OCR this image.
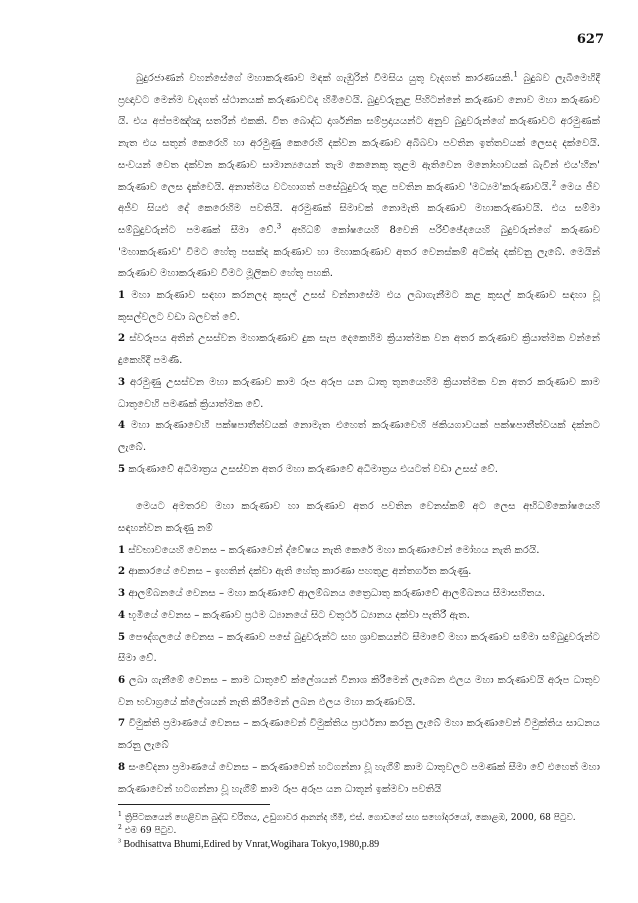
627

බුදුරජාණන් වහන්සේගේ මහාකරුණාව මඳක් ගැඹුරින් විමසිය යුතු වැදගත් කාරණයකි.$^1$ බුදුබව ලැබීමෙහිදී ප්‍රඥාවට මෙන්ම වැදගත් ස්ථානයක් කරුණාවටද හිමිවෙයි. බුදුවරුනුළ පිහිටන්නේ කරුණාව නොව මහා කරුණාව යි. එය අප්පමඤ්ඤා සතරින් එකකි. විත බොද්ධ දාර්ශනික සම්ප්‍රදායයන්ට අනුව බුදුවරුන්ගේ කරුණාවට අරමුණක් නැත එය සතුන් කෙරෙහි හා අරමුණු කෙරෙහි දක්වන කරුණාව අබිබවා පවතින ඉත්තවයක් ලෙසද දක්වෙයි. සංවයන් වෙත දක්වන කරුණාව සාමාන්‍යයෙන් තැම කෙනෙකු තුළම ඇතිවෙන මනෝභාවයක් බැවින් එය'හීන' කරුණාව ලෙස දැක්වෙයි. අනාත්මය වටහාගත් පසේබුදුවරු තුළ පවතින කරුණාව 'මධ්‍යම'කරුණාවයි.$^2$ මෙය ජීව අජීව සියළු දේ කෙරෙහිම පවතියි. අරමුණක් සිමාවක් නොමැති කරුණාව මහාකරුණාවයි. එය සම්මා සම්බුදුවරුන්ට පමණක් සීමා වේ.$^3$ අභිධම් කෝෂයෙහි 8වෙනි පරිච්ඡේදයෙහි බුදුවරුන්ගේ කරුණාව 'මහාකරුණාව' විමට හේතු පසක්ද කරුණාව හා මහාකරුණාව අතර වෙනස්කම් අටක්ද දක්වනු ලැබේ. මෙයින් කරුණාව මහාකරුණාව වීමට මූලිකව හේතු පහකි.

1 මහා කරුණාව සඳහා කරනලද කුසල් උසස් වන්නාසේම එය ලබාගැනීමට කළ කුසල් කරුණාව සඳහා වූ කුසල්වලට වඩා බලවත් වේ.

2 ස්වරූපය අතින් උසස්වන මහාකරුණාව දුක සැප දෙකෙහිම ක්‍රියාත්මක වන අතර කරුණාව ක්‍රියාත්මක වන්නේ දුකෙහිදී පමණි.

3 අරමුණු උසස්වන මහා කරුණාව කාම රූප අරූප යන ධාතු තුනයෙහිම ක්‍රියාත්මක වන අතර කරුණාව කාම ධාතුවෙහි පමණක් ක්‍රියාත්මක වේ.

4 මහා කරුණාවෙහි පක්ෂපාතීත්වයක් නොමැත එහෙත් කරුණාවෙහි ඡකියගාවයක් පක්ෂපාතීත්වයක් දක්නට ලැබේ.

5 කරුණාවේ අධිමාත්‍රය උසස්වන අතර මහා කරුණාවේ අධිමාත්‍රය එයටත් වඩා උසස් වේ.

මෙයට අමතරව මහා කරුණාව හා කරුණාව අතර පවතින වෙනස්කම් අට ලෙස අභිධම්කෝෂයෙහි සඳහන්වන කරුණු නම්

1 ස්වභාවයෙහි වෙනස – කරුණාවෙන් ද්වේෂය නැති කෙරේ මහා කරුණාවෙන් මෝහය නැති කරයි.

2 ආකාරයේ වෙනස – ඉහතින් දක්වා ඇති හේතු කාරණා පහතුළ අන්තර්ගත කරුණු.

3 ආලම්බනයේ වෙනස – මහා කරුණාවේ ආලම්බනය ත්‍රෛධාතු කරුණාවේ ආලම්බනය සීමාසහිතය.

4 භූමියේ වෙනස – කරුණාව ප්‍රථම ධ්‍යානයේ සිට චතුර්ථ ධ්‍යානය දක්වා පැතිරී ඇත.

5 පෞද්ගලයේ වෙනස – කරුණාව පසේ බුදුවරුන්ට සහ ශ්‍රාවකයන්ට සීමාවේ මහා කරුණාව සම්මා සම්බුදුවරුන්ට සීමා වේ.

6 ලබා ගැනීමේ වෙනස – කාම ධාතුවේ ක්ලේශයන් විනාශ කිරීමෙන් ලැබෙන ඵලය මහා කරුණාවයි අරූප ධාතුව වන භවාග්‍රයේ ක්ලේශයන් නැති කිරීමෙන් ලබන ඵලය මහා කරුණාවයි.

7 විමුක්ති ප්‍රමාණයේ වෙනස – කරුණාවෙන් විමුක්තිය ප්‍රාර්ථනා කරනු ලැබේ මහා කරුණාවෙන් විමුක්තිය සාධනය කරනු ලැබේ

8 සංවේදනා ප්‍රමාණයේ වෙනස – කරුණාවෙන් හටගන්නා වූ හැගීම් කාම ධාතුවලට පමණක් සීමා වේ එහෙත් මහා කරුණාවෙන් හටගන්නා වූ හැගීම් කාම රූප අරූප යන ධාතූන් ඉක්මවා පවතියි

$^1$ ත්‍රිපිටකයෙන් හෙළිවන බුද්ධ චරිතය, උඩුගාවර ආනන්ද හිමි, එස්. ගොඩගේ සහ සහෝදරයෝ, කොළඹ, 2000, 68 පිටුව.

$^2$ එම 69 පිටුව.

$^3$ Bodhisattva Bhumi,Edired by Vnrat,Wogihara Tokyo,1980,p.89
